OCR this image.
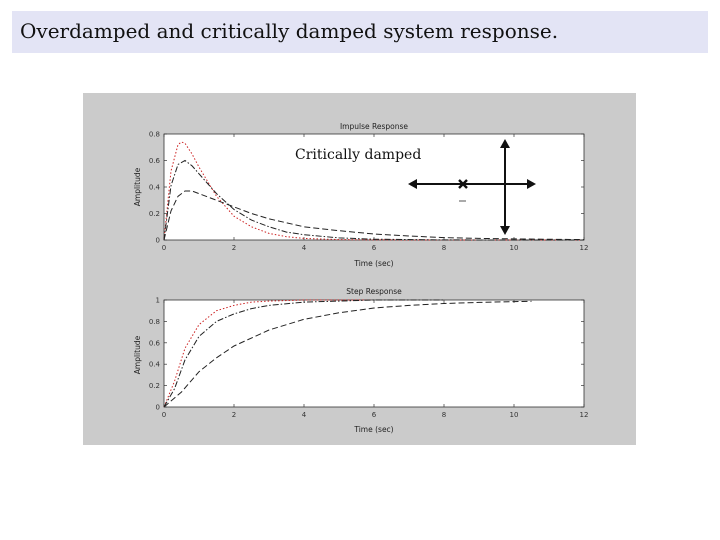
Overdamped and critically damped system response.
Impulse Response
Time (sec)
Amplitude
0	2	4	6	8	10	12
0
0.2
0.4
0.6
0.8
Critically damped
Step Response
Time (sec)
Amplitude
0	2	4	6	8	10	12
0
0.2
0.4
0.6
0.8
1
